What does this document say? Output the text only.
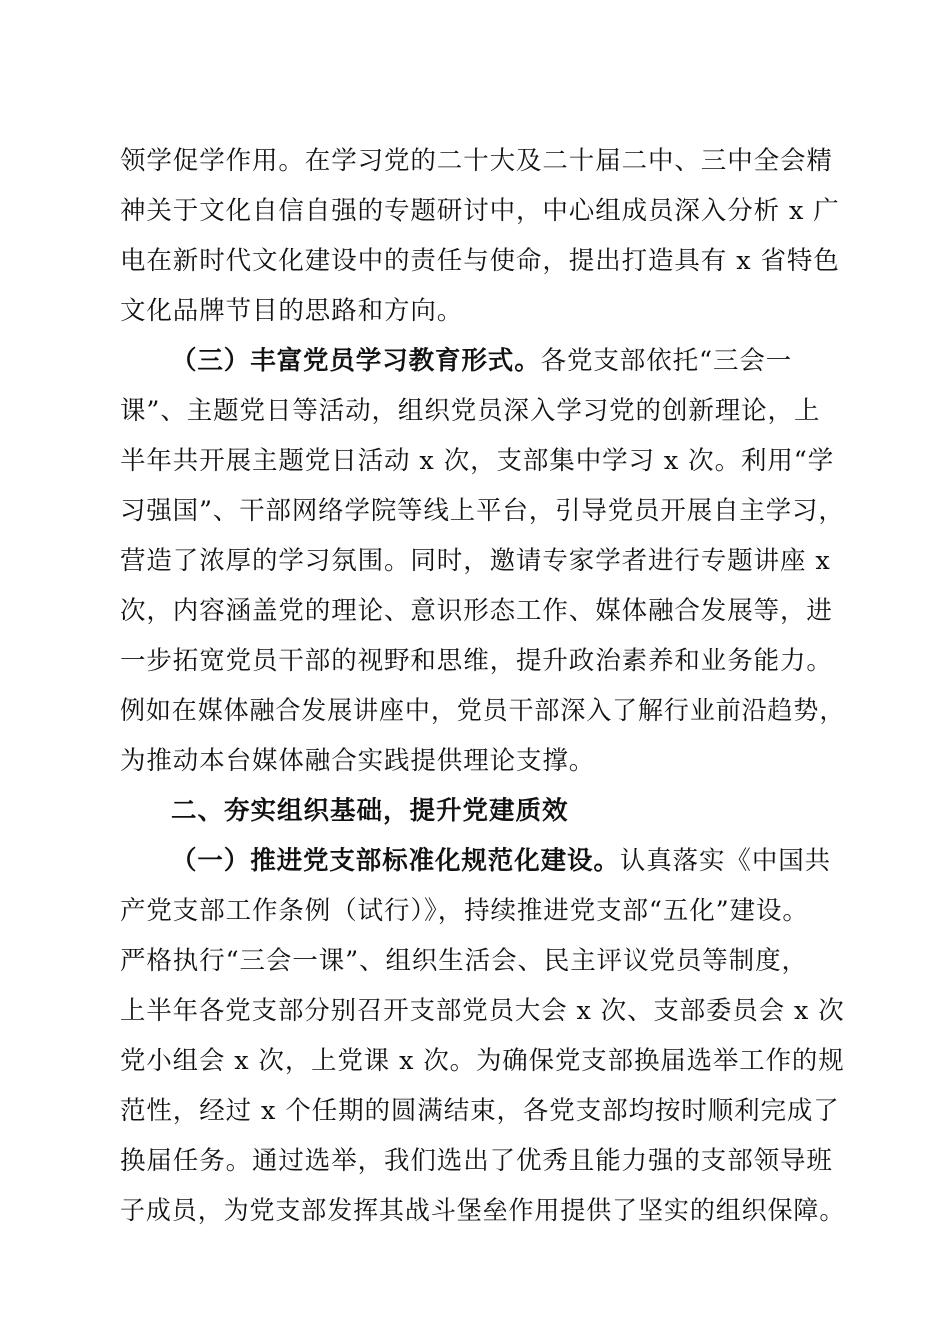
领学促学作用。在学习党的二十大及二十届二中、三中全会精
神关于文化自信自强的专题研讨中，中心组成员深入分析 x 广
电在新时代文化建设中的责任与使命，提出打造具有 x 省特色
文化品牌节目的思路和方向。
（三）丰富党员学习教育形式。各党支部依托“三会一
课”、主题党日等活动，组织党员深入学习党的创新理论，上
半年共开展主题党日活动 x 次，支部集中学习 x 次。利用“学
习强国”、干部网络学院等线上平台，引导党员开展自主学习，
营造了浓厚的学习氛围。同时，邀请专家学者进行专题讲座 x
次，内容涵盖党的理论、意识形态工作、媒体融合发展等，进
一步拓宽党员干部的视野和思维，提升政治素养和业务能力。
例如在媒体融合发展讲座中，党员干部深入了解行业前沿趋势，
为推动本台媒体融合实践提供理论支撑。
二、夯实组织基础，提升党建质效
（一）推进党支部标准化规范化建设。认真落实《中国共
产党支部工作条例（试行）》，持续推进党支部“五化”建设。
严格执行“三会一课”、组织生活会、民主评议党员等制度，
上半年各党支部分别召开支部党员大会 x 次、支部委员会 x 次
党小组会 x 次，上党课 x 次。为确保党支部换届选举工作的规
范性，经过 x 个任期的圆满结束，各党支部均按时顺利完成了
换届任务。通过选举，我们选出了优秀且能力强的支部领导班
子成员，为党支部发挥其战斗堡垒作用提供了坚实的组织保障。
